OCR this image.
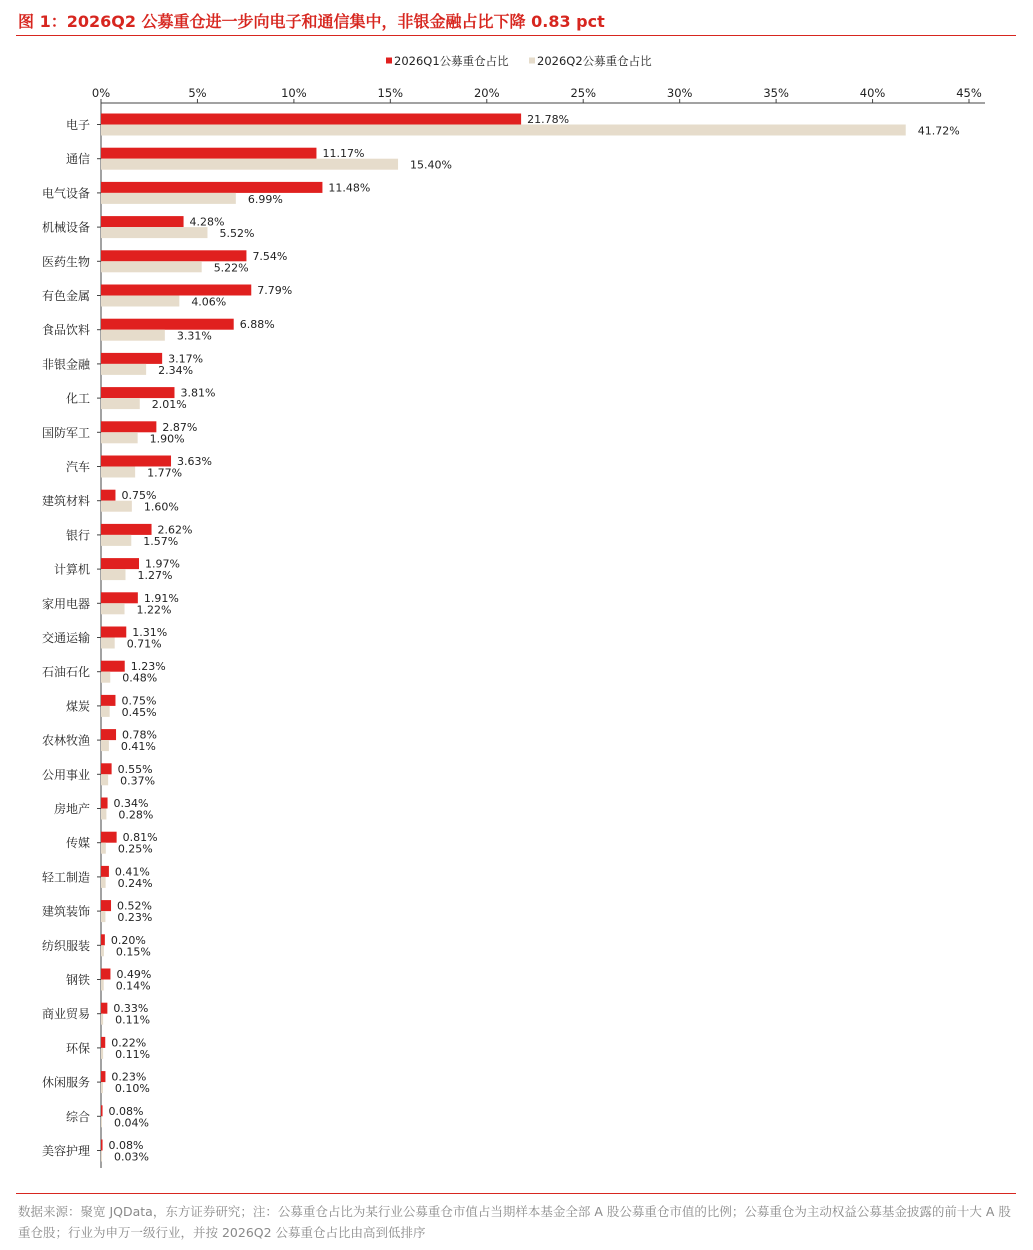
图 1：2026Q2 公募重仓进一步向电子和通信集中，非银金融占比下降 0.83 pct
2026Q1公募重仓占比 2026Q2公募重仓占比
0%	5%	10%	15%	20%	25%	30%	35%	40%	45%
电子	21.78%
41.72%
通信	11.17%
15.40%
电气设备	11.48%
6.99%
机械设备	4.28%
5.52%
医药生物	7.54%
5.22%
有色金属	7.79%
4.06%
食品饮料	6.88%
3.31%
非银金融	3.17%
2.34%
化工	3.81%
2.01%
国防军工	2.87%
1.90%
汽车	3.63%
1.77%
建筑材料	0.75%
1.60%
银行	2.62%
1.57%
计算机	1.97%
1.27%
家用电器	1.91%
1.22%
交通运输	1.31%
0.71%
石油石化	1.23%
0.48%
煤炭	0.75%
0.45%
农林牧渔	0.78%
0.41%
公用事业	0.55%
0.37%
房地产 0.34%
0.28%
传媒	0.81%
0.25%
轻工制造 0.41%
0.24%
建筑装饰 0.52%
0.23%
纺织服装 0.20%
0.15%
钢铁 0.49%
0.14%
商业贸易 0.33%
0.11%
环保 0.22%
0.11%
休闲服务 0.23%
0.10%
综合 0.08%
0.04%
美容护理 0.08%
0.03%
数据来源：聚宽 JQData，东方证券研究；注：公募重仓占比为某行业公募重仓市值占当期样本基金全部 A 股公募重仓市值的比例；公募重仓为主动权益公募基金披露的前十大 A 股重仓股；行业为申万一级行业，并按 2026Q2 公募重仓占比由高到低排序
